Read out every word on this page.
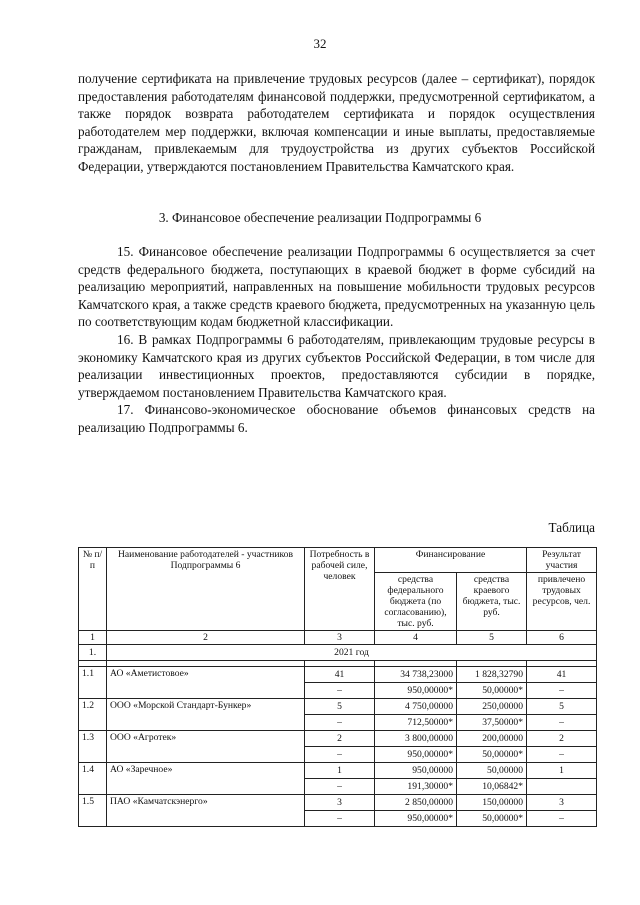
32

получение сертификата на привлечение трудовых ресурсов (далее – сертификат), порядок предоставления работодателям финансовой поддержки, предусмотренной сертификатом, а также порядок возврата работодателем сертификата и порядок осуществления работодателем мер поддержки, включая компенсации и иные выплаты, предоставляемые гражданам, привлекаемым для трудоустройства из других субъектов Российской Федерации, утверждаются постановлением Правительства Камчатского края.

3. Финансовое обеспечение реализации Подпрограммы 6

15. Финансовое обеспечение реализации Подпрограммы 6 осуществляется за счет средств федерального бюджета, поступающих в краевой бюджет в форме субсидий на реализацию мероприятий, направленных на повышение мобильности трудовых ресурсов Камчатского края, а также средств краевого бюджета, предусмотренных на указанную цель по соответствующим кодам бюджетной классификации.

16. В рамках Подпрограммы 6 работодателям, привлекающим трудовые ресурсы в экономику Камчатского края из других субъектов Российской Федерации, в том числе для реализации инвестиционных проектов, предоставляются субсидии в порядке, утверждаемом постановлением Правительства Камчатского края.

17. Финансово-экономическое обоснование объемов финансовых средств на реализацию Подпрограммы 6.

Таблица
№ п/п	Наименование работодателей - участников Подпрограммы 6	Потребность в рабочей силе, человек	Финансирование		Результат участия
			средства федерального бюджета (по согласованию), тыс. руб.	средства краевого бюджета, тыс. руб.	привлечено трудовых ресурсов, чел.
1	2	3	4	5	6
1.	2021 год				

1.1	АО «Аметистовое»	41	34 738,23000	1 828,32790	41
		–	950,00000*	50,00000*	–
1.2	ООО «Морской Стандарт-Бункер»	5	4 750,00000	250,00000	5
		–	712,50000*	37,50000*	–
1.3	ООО «Агротек»	2	3 800,00000	200,00000	2
		–	950,00000*	50,00000*	–
1.4	АО «Заречное»	1	950,00000	50,00000	1
		–	191,30000*	10,06842*	
1.5	ПАО «Камчатскэнерго»	3	2 850,00000	150,00000	3
		–	950,00000*	50,00000*	–
